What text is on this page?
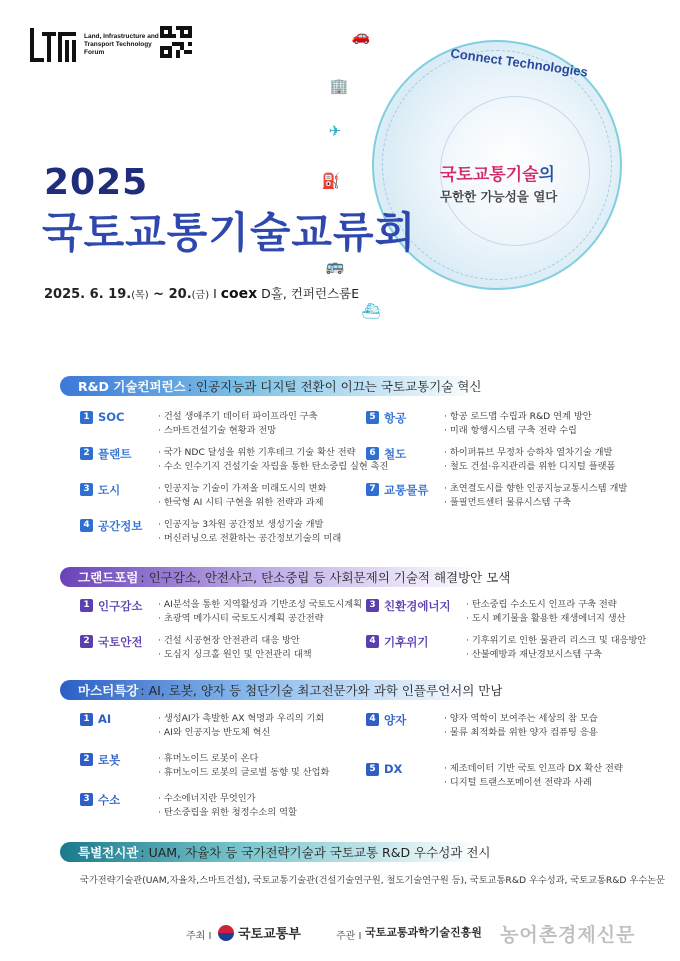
Land, Infrastructure and Transport Technology Forum
🚗
🏢
✈
⛽
🚌
⛴
Connect Technologies
국토교통기술의
무한한 가능성을 열다
2025
국토교통기술교류회
2025. 6. 19.(목) ~ 20.(금) I coex D홀, 컨퍼런스룸E
R&D 기술컨퍼런스 : 인공지능과 디지털 전환이 이끄는 국토교통기술 혁신
1 SOC	· 건설 생애주기 데이터 파이프라인 구축
· 스마트건설기술 현황과 전망
2 플랜트	· 국가 NDC 달성을 위한 기후테크 기술 확산 전략
· 수소 인수기지 건설기술 자립을 통한 탄소중립 실현 촉진
3 도시	· 인공지능 기술이 가져올 미래도시의 변화
· 한국형 AI 시티 구현을 위한 전략과 과제
4 공간정보	· 인공지능 3차원 공간정보 생성기술 개발
· 머신러닝으로 전환하는 공간정보기술의 미래
5 항공	· 항공 로드맵 수립과 R&D 연계 방안
· 미래 항행시스템 구축 전략 수립
6 철도	· 하이퍼튜브 무정차 승하차 열차기술 개발
· 철도 건설·유지관리를 위한 디지털 플랫폼
7 교통물류	· 초연결도시를 향한 인공지능교통시스템 개발
· 풀필먼트센터 물류시스템 구축
그랜드포럼 : 인구감소, 안전사고, 탄소중립 등 사회문제의 기술적 해결방안 모색
1 인구감소	· AI분석을 통한 지역활성과 기반조성 국토도시계획
· 초광역 메가시티 국토도시계획 공간전략
2 국토안전	· 건설 시공현장 안전관리 대응 방안
· 도심지 싱크홀 원인 및 안전관리 대책
3 친환경에너지	· 탄소중립 수소도시 인프라 구축 전략
· 도시 폐기물을 활용한 재생에너지 생산
4 기후위기	· 기후위기로 인한 물관리 리스크 및 대응방안
· 산불예방과 재난경보시스템 구축
마스터특강 : AI, 로봇, 양자 등 첨단기술 최고전문가와 과학 인플루언서의 만남
1 AI	· 생성AI가 촉발한 AX 혁명과 우리의 기회
· AI와 인공지능 반도체 혁신
2 로봇	· 휴머노이드 로봇이 온다
· 휴머노이드 로봇의 글로벌 동향 및 산업화
3 수소	· 수소에너지란 무엇인가
· 탄소중립을 위한 청정수소의 역할
4 양자	· 양자 역학이 보여주는 세상의 참 모습
· 물류 최적화를 위한 양자 컴퓨팅 응용
5 DX	· 제조데이터 기반 국토 인프라 DX 확산 전략
· 디지털 트랜스포메이션 전략과 사례
특별전시관 : UAM, 자율차 등 국가전략기술과 국토교통 R&D 우수성과 전시
국가전략기술관(UAM,자율차,스마트건설), 국토교통기술관(건설기술연구원, 철도기술연구원 등), 국토교통R&D 우수성과, 국토교통R&D 우수논문
주최 I 국토교통부	주관 I 국토교통과학기술진흥원 농어촌경제신문
